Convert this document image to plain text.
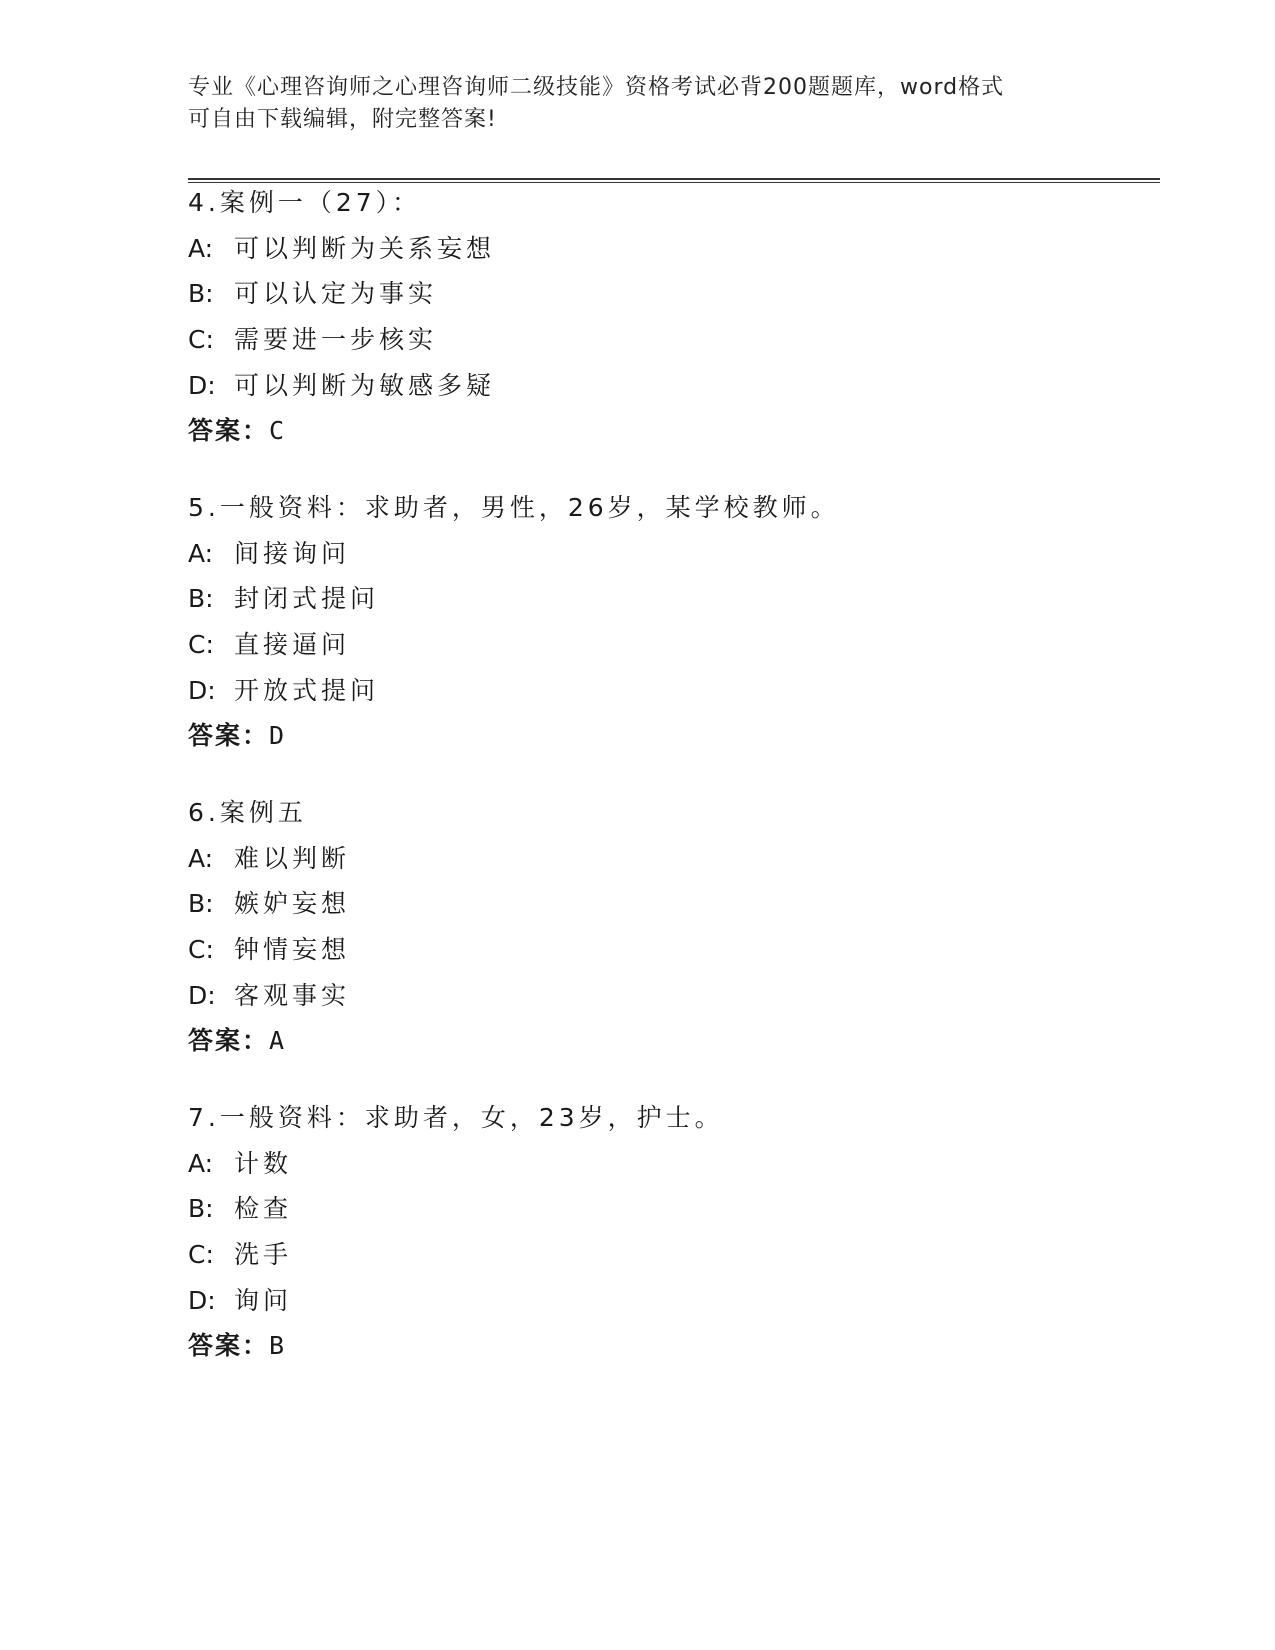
专业《心理咨询师之心理咨询师二级技能》资格考试必背200题题库，word格式
可自由下载编辑，附完整答案!
4.案例一（27）：
A: 可以判断为关系妄想
B: 可以认定为事实
C: 需要进一步核实
D: 可以判断为敏感多疑
答案：C
5.一般资料：求助者，男性，26岁，某学校教师。
A: 间接询问
B: 封闭式提问
C: 直接逼问
D: 开放式提问
答案：D
6.案例五
A: 难以判断
B: 嫉妒妄想
C: 钟情妄想
D: 客观事实
答案：A
7.一般资料：求助者，女，23岁，护士。
A: 计数
B: 检查
C: 洗手
D: 询问
答案：B
